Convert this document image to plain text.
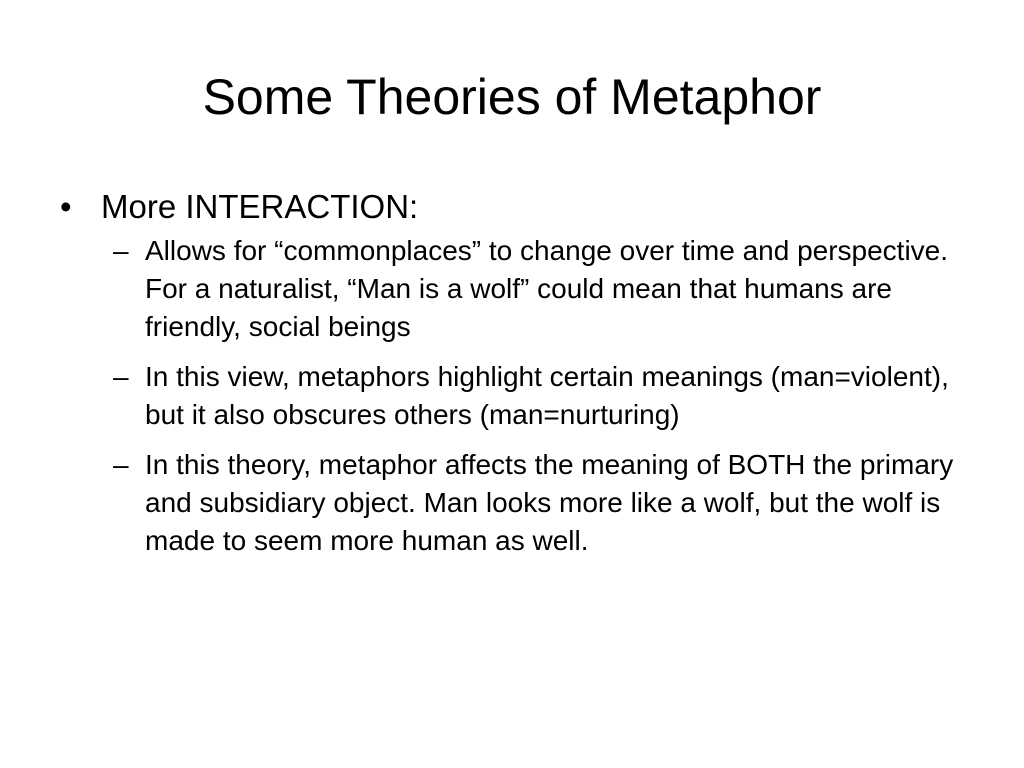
Some Theories of Metaphor
• More INTERACTION:
– Allows for “commonplaces” to change over time and perspective. For a naturalist, “Man is a wolf” could mean that humans are friendly, social beings
– In this view, metaphors highlight certain meanings (man=violent), but it also obscures others (man=nurturing)
– In this theory, metaphor affects the meaning of BOTH the primary and subsidiary object. Man looks more like a wolf, but the wolf is made to seem more human as well.
